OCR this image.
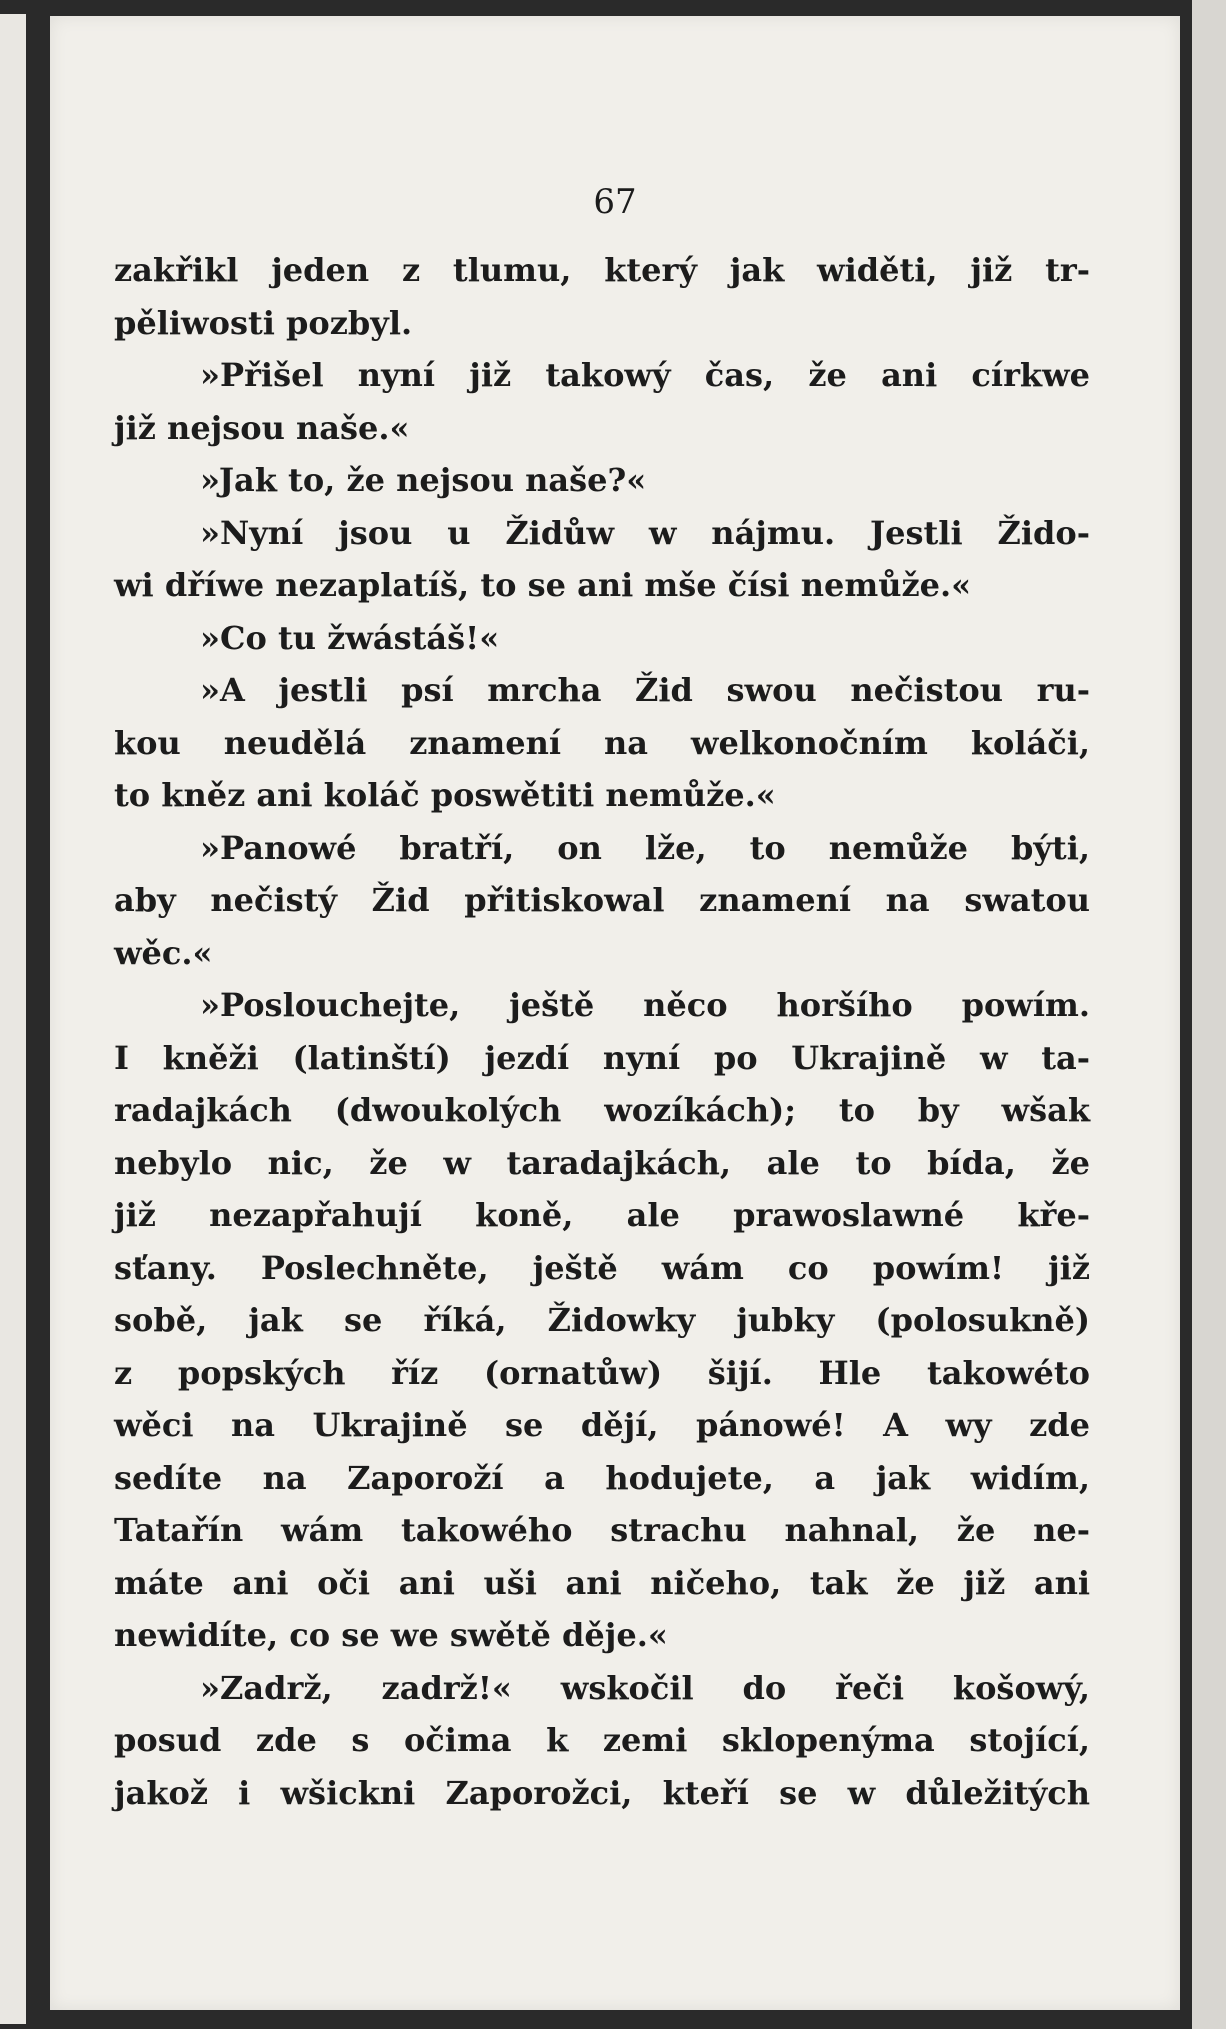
67
zakřikl jeden z tlumu, který jak widěti, již tr-
pěliwosti pozbyl.
»Přišel nyní již takowý čas, že ani církwe
již nejsou naše.«
»Jak to, že nejsou naše?«
»Nyní jsou u Židůw w nájmu. Jestli Žido-
wi dříwe nezaplatíš, to se ani mše čísi nemůže.«
»Co tu žwástáš!«
»A jestli psí mrcha Žid swou nečistou ru-
kou neudělá znamení na welkonočním koláči,
to kněz ani koláč poswětiti nemůže.«
»Panowé bratří, on lže, to nemůže býti,
aby nečistý Žid přitiskowal znamení na swatou
wěc.«
»Poslouchejte, ještě něco horšího powím.
I kněži (latinští) jezdí nyní po Ukrajině w ta-
radajkách (dwoukolých wozíkách); to by wšak
nebylo nic, že w taradajkách, ale to bída, že
již nezapřahují koně, ale prawoslawné kře-
sťany. Poslechněte, ještě wám co powím! již
sobě, jak se říká, Židowky jubky (polosukně)
z popských říz (ornatůw) šijí. Hle takowéto
wěci na Ukrajině se dějí, pánowé! A wy zde
sedíte na Zaporoží a hodujete, a jak widím,
Tatařín wám takowého strachu nahnal, že ne-
máte ani oči ani uši ani ničeho, tak že již ani
newidíte, co se we swětě děje.«
»Zadrž, zadrž!« wskočil do řeči košowý,
posud zde s očima k zemi sklopenýma stojící,
jakož i wšickni Zaporožci, kteří se w důležitých
